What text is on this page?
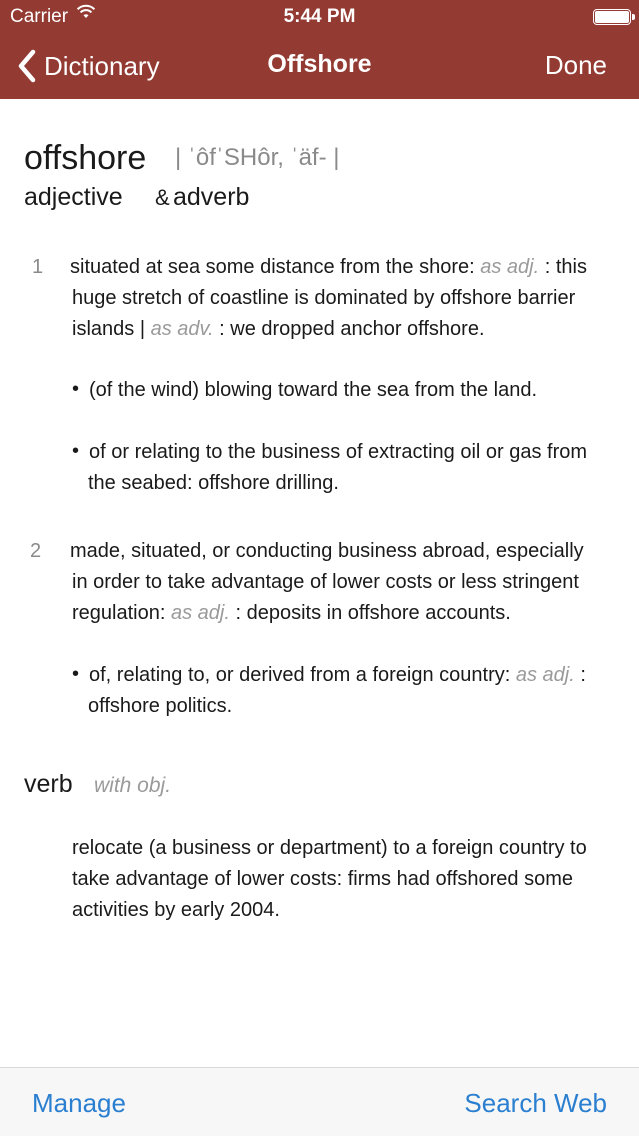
Carrier	5:44 PM
Dictionary	Offshore	Done
offshore | ˈôfˈSHôr, ˈäf- |
adjective & adverb
1 situated at sea some distance from the shore: as adj. : this
huge stretch of coastline is dominated by offshore barrier
islands | as adv. : we dropped anchor offshore.
• (of the wind) blowing toward the sea from the land.
• of or relating to the business of extracting oil or gas from
the seabed: offshore drilling.
2 made, situated, or conducting business abroad, especially
in order to take advantage of lower costs or less stringent
regulation: as adj. : deposits in offshore accounts.
• of, relating to, or derived from a foreign country: as adj. :
offshore politics.
verb with obj.
relocate (a business or department) to a foreign country to
take advantage of lower costs: firms had offshored some
activities by early 2004.
Manage	Search Web
